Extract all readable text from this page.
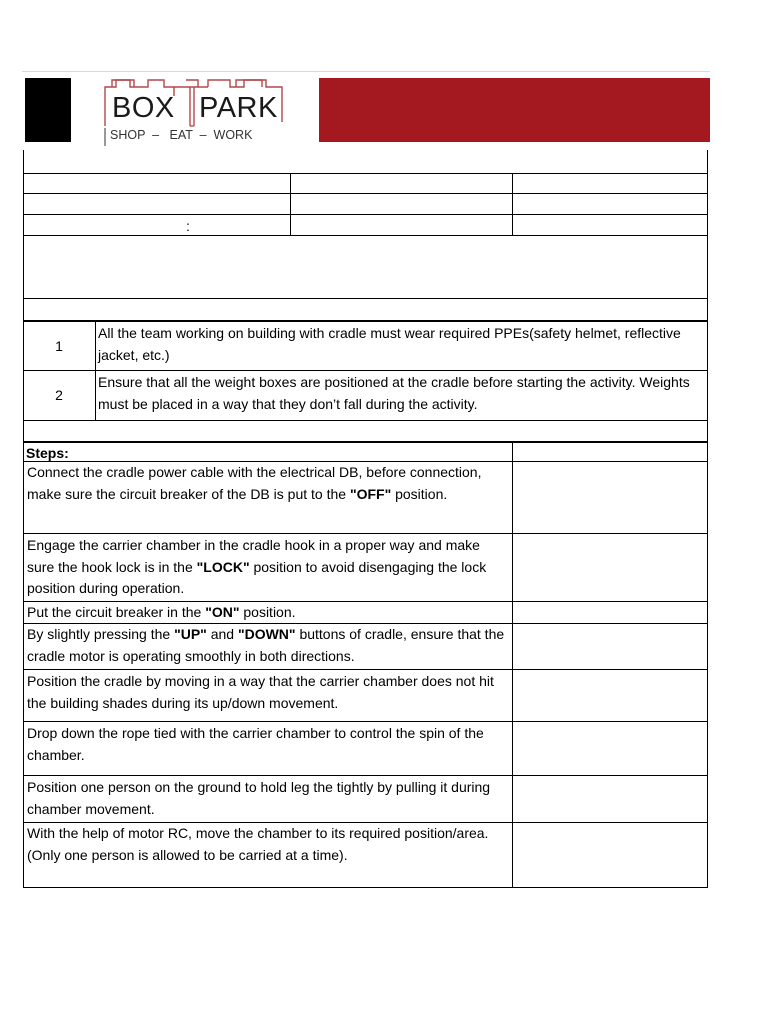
BOX PARK
SHOP  –   EAT  –  WORK
:
1
All the team working on building with cradle must wear required PPEs(safety helmet, reflective jacket, etc.)
2
Ensure that all the weight boxes are positioned at the cradle before starting the activity. Weights must be placed in a way that they don’t fall during the activity.
Steps:
Connect the cradle power cable with the electrical DB, before connection, make sure the circuit breaker of the DB is put to the "OFF" position.
Engage the carrier chamber in the cradle hook in a proper way and make sure the hook lock is in the "LOCK" position to avoid disengaging the lock position during operation.
Put the circuit breaker in the "ON" position.
By slightly pressing the "UP" and "DOWN" buttons of cradle, ensure that the cradle motor is operating smoothly in both directions.
Position the cradle by moving in a way that the carrier chamber does not hit the building shades during its up/down movement.
Drop down the rope tied with the carrier chamber to control the spin of the chamber.
Position one person on the ground to hold leg the tightly by pulling it during chamber movement.
With the help of motor RC, move the chamber to its required position/area. (Only one person is allowed to be carried at a time).
